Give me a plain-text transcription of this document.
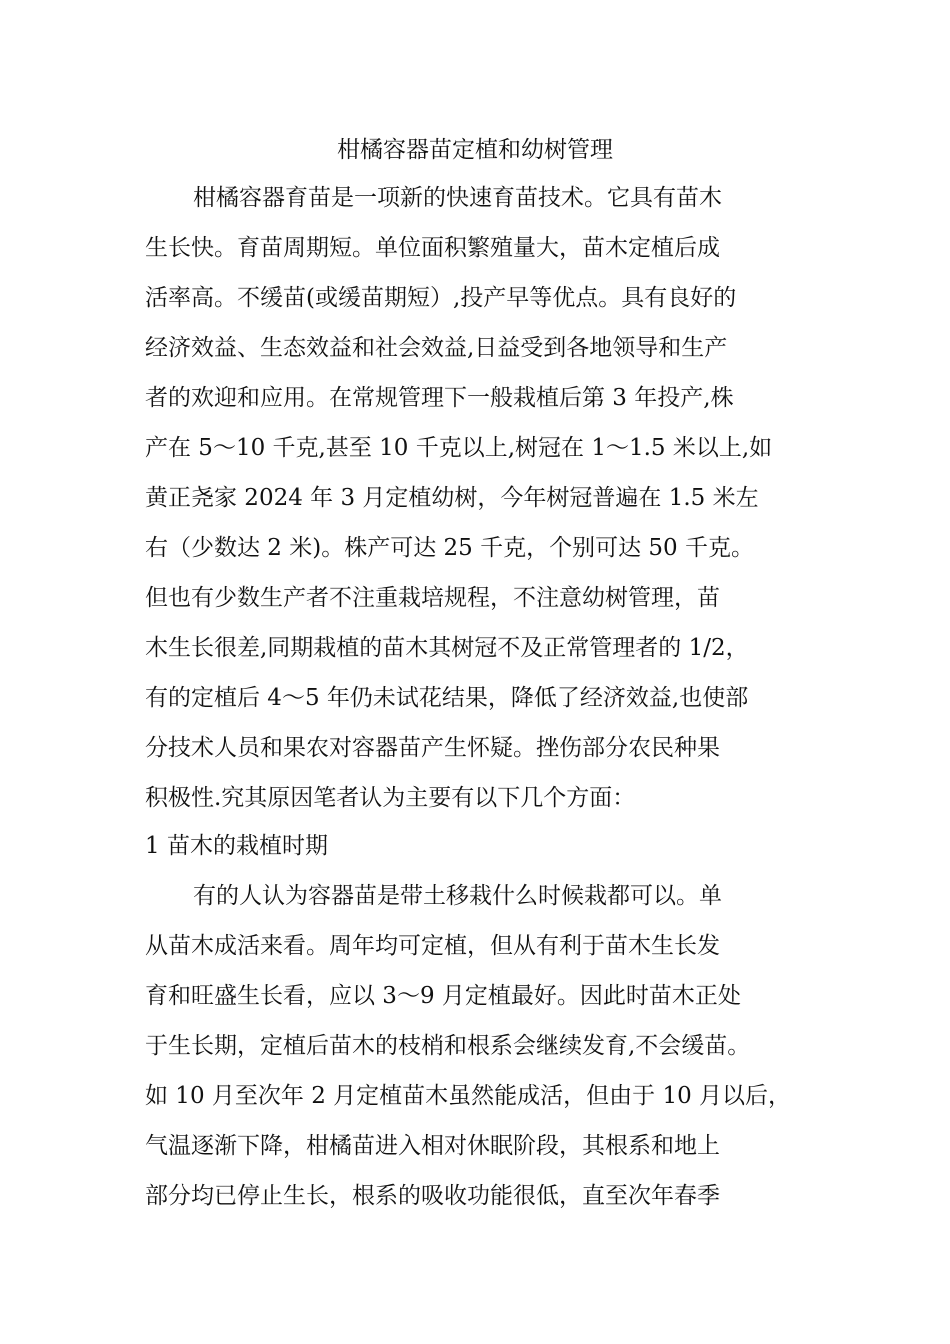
柑橘容器苗定植和幼树管理
柑橘容器育苗是一项新的快速育苗技术。它具有苗木
生长快。育苗周期短。单位面积繁殖量大，苗木定植后成
活率高。不缓苗(或缓苗期短）,投产早等优点。具有良好的
经济效益、生态效益和社会效益,日益受到各地领导和生产
者的欢迎和应用。在常规管理下一般栽植后第 3 年投产,株
产在 5～10 千克,甚至 10 千克以上,树冠在 1～1.5 米以上,如
黄正尧家 2024 年 3 月定植幼树，今年树冠普遍在 1.5 米左
右（少数达 2 米)。株产可达 25 千克，个别可达 50 千克。
但也有少数生产者不注重栽培规程，不注意幼树管理，苗
木生长很差,同期栽植的苗木其树冠不及正常管理者的 1/2，
有的定植后 4～5 年仍未试花结果，降低了经济效益,也使部
分技术人员和果农对容器苗产生怀疑。挫伤部分农民种果
积极性.究其原因笔者认为主要有以下几个方面：
1 苗木的栽植时期
有的人认为容器苗是带土移栽什么时候栽都可以。单
从苗木成活来看。周年均可定植，但从有利于苗木生长发
育和旺盛生长看，应以 3～9 月定植最好。因此时苗木正处
于生长期，定植后苗木的枝梢和根系会继续发育,不会缓苗。
如 10 月至次年 2 月定植苗木虽然能成活，但由于 10 月以后，
气温逐渐下降，柑橘苗进入相对休眠阶段，其根系和地上
部分均已停止生长，根系的吸收功能很低，直至次年春季
